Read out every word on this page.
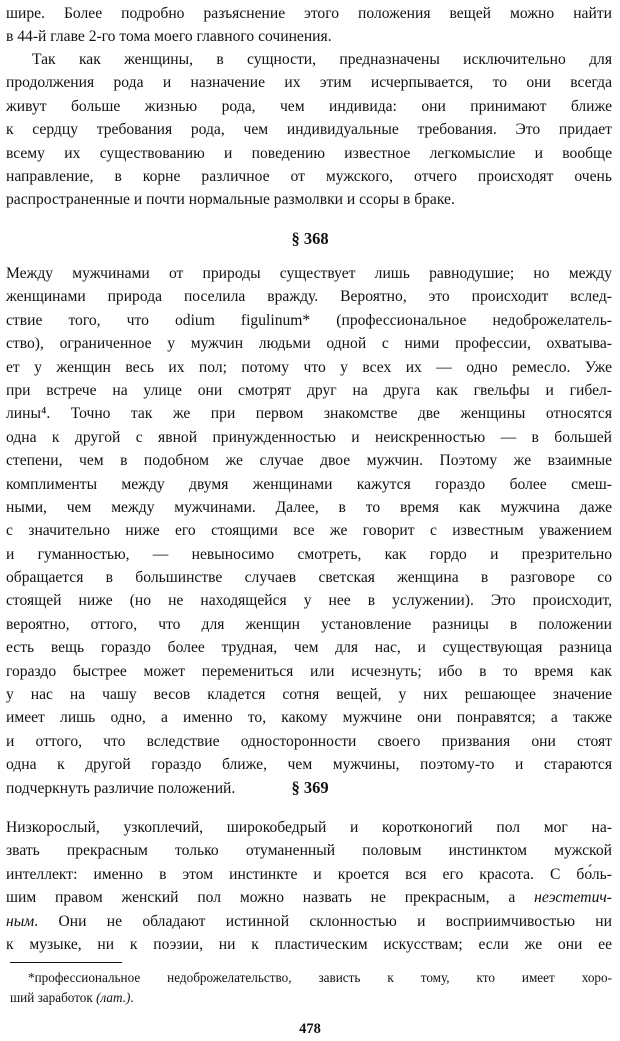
шире. Более подробно разъяснение этого положения вещей можно найти
в 44-й главе 2-го тома моего главного сочинения.
Так как женщины, в сущности, предназначены исключительно для
продолжения рода и назначение их этим исчерпывается, то они всегда
живут больше жизнью рода, чем индивида: они принимают ближе
к сердцу требования рода, чем индивидуальные требования. Это придает
всему их существованию и поведению известное легкомыслие и вообще
направление, в корне различное от мужского, отчего происходят очень
распространенные и почти нормальные размолвки и ссоры в браке.
§ 368
Между мужчинами от природы существует лишь равнодушие; но между
женщинами природа поселила вражду. Вероятно, это происходит вслед-
ствие того, что odium figulinum* (профессиональное недоброжелатель-
ство), ограниченное у мужчин людьми одной с ними профессии, охватыва-
ет у женщин весь их пол; потому что у всех их — одно ремесло. Уже
при встрече на улице они смотрят друг на друга как гвельфы и гибел-
лины⁴. Точно так же при первом знакомстве две женщины относятся
одна к другой с явной принужденностью и неискренностью — в большей
степени, чем в подобном же случае двое мужчин. Поэтому же взаимные
комплименты между двумя женщинами кажутся гораздо более смеш-
ными, чем между мужчинами. Далее, в то время как мужчина даже
с значительно ниже его стоящими все же говорит с известным уважением
и гуманностью, — невыносимо смотреть, как гордо и презрительно
обращается в большинстве случаев светская женщина в разговоре со
стоящей ниже (но не находящейся у нее в услужении). Это происходит,
вероятно, оттого, что для женщин установление разницы в положении
есть вещь гораздо более трудная, чем для нас, и существующая разница
гораздо быстрее может перемениться или исчезнуть; ибо в то время как
у нас на чашу весов кладется сотня вещей, у них решающее значение
имеет лишь одно, а именно то, какому мужчине они понравятся; а также
и оттого, что вследствие односторонности своего призвания они стоят
одна к другой гораздо ближе, чем мужчины, поэтому-то и стараются
подчеркнуть различие положений.	§ 369
Низкорослый, узкоплечий, широкобедрый и коротконогий пол мог на-
звать прекрасным только отуманенный половым инстинктом мужской
интеллект: именно в этом инстинкте и кроется вся его красота. С бо́ль-
шим правом женский пол можно назвать не прекрасным, а неэстетич-
ным. Они не обладают истинной склонностью и восприимчивостью ни
к музыке, ни к поэзии, ни к пластическим искусствам; если же они ее
*профессиональное недоброжелательство, зависть к тому, кто имеет хоро-
ший заработок (лат.).
478
